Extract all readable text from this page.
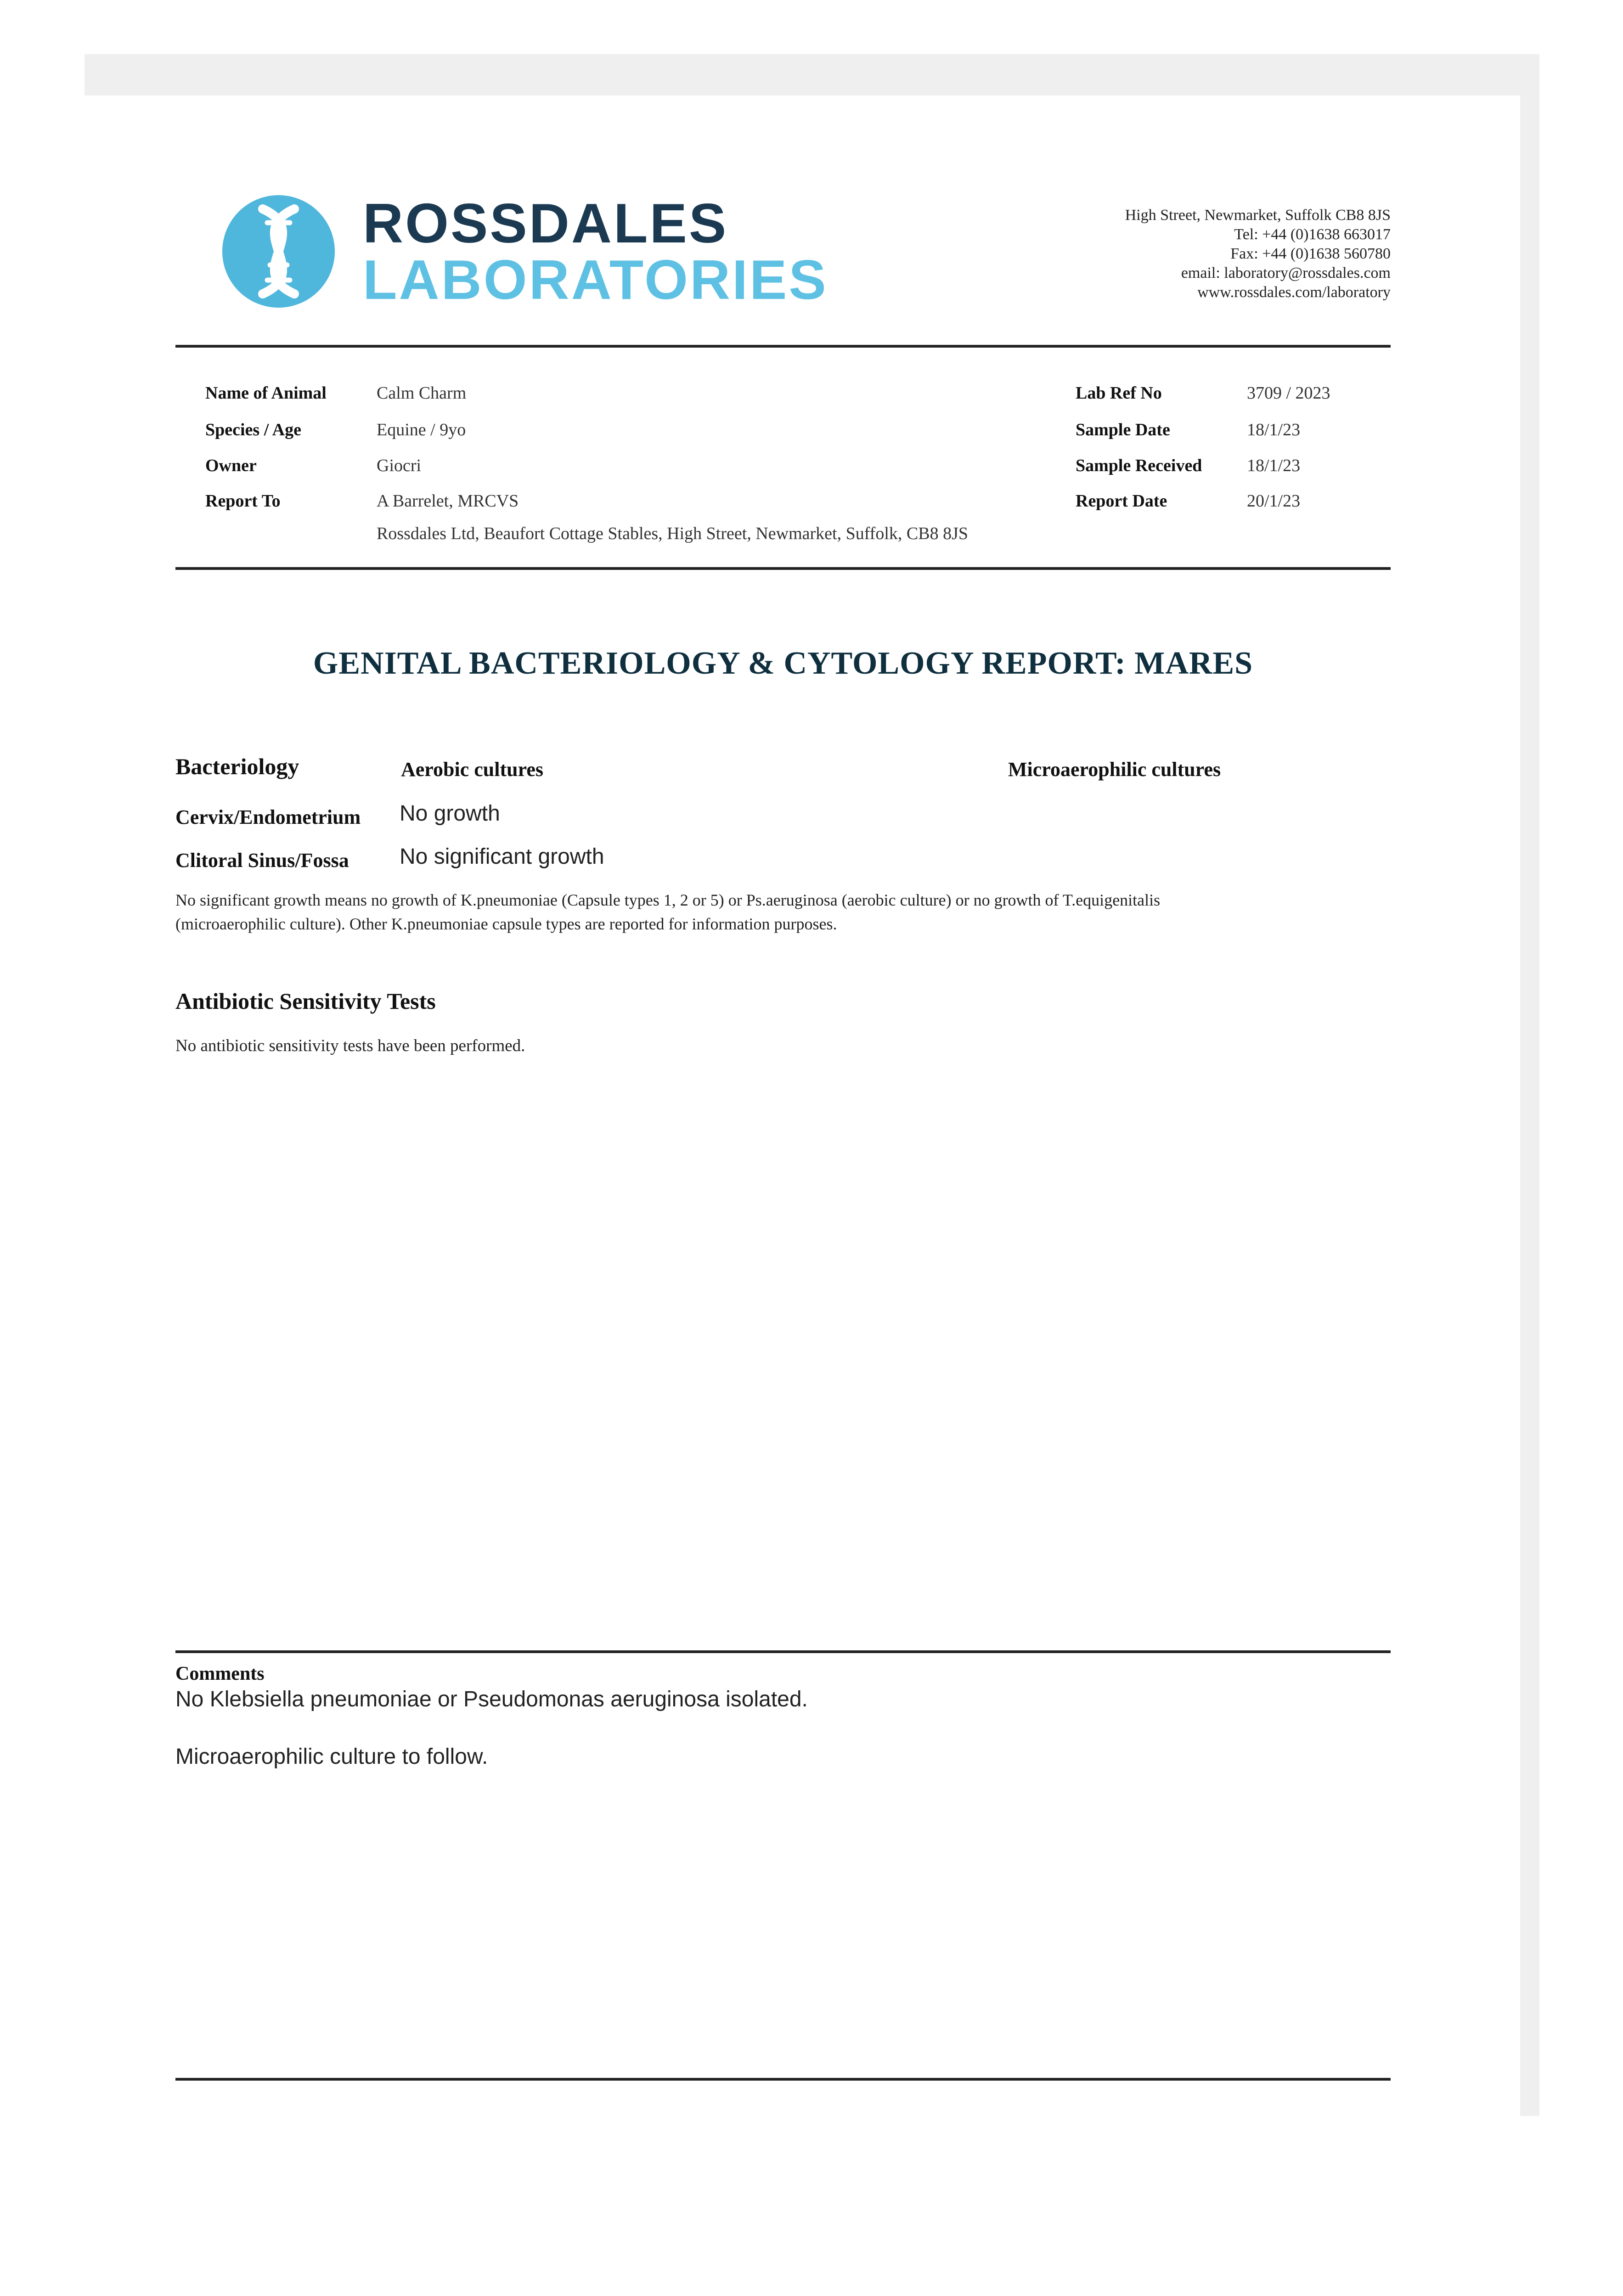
ROSSDALES
LABORATORIES
High Street, Newmarket, Suffolk CB8 8JS
Tel: +44 (0)1638 663017
Fax: +44 (0)1638 560780
email: laboratory@rossdales.com
www.rossdales.com/laboratory
Name of Animal	Calm Charm
Species / Age	Equine / 9yo
Owner	Giocri
Report To	A Barrelet, MRCVS
Rossdales Ltd, Beaufort Cottage Stables, High Street, Newmarket, Suffolk, CB8 8JS
Lab Ref No	3709 / 2023
Sample Date	18/1/23
Sample Received	18/1/23
Report Date	20/1/23
GENITAL BACTERIOLOGY & CYTOLOGY REPORT: MARES
Bacteriology	Aerobic cultures	Microaerophilic cultures
Cervix/Endometrium No growth
Clitoral Sinus/Fossa No significant growth
No significant growth means no growth of K.pneumoniae (Capsule types 1, 2 or 5) or Ps.aeruginosa (aerobic culture) or no growth of T.equigenitalis
(microaerophilic culture). Other K.pneumoniae capsule types are reported for information purposes.
Antibiotic Sensitivity Tests
No antibiotic sensitivity tests have been performed.
Comments
No Klebsiella pneumoniae or Pseudomonas aeruginosa isolated.
Microaerophilic culture to follow.
